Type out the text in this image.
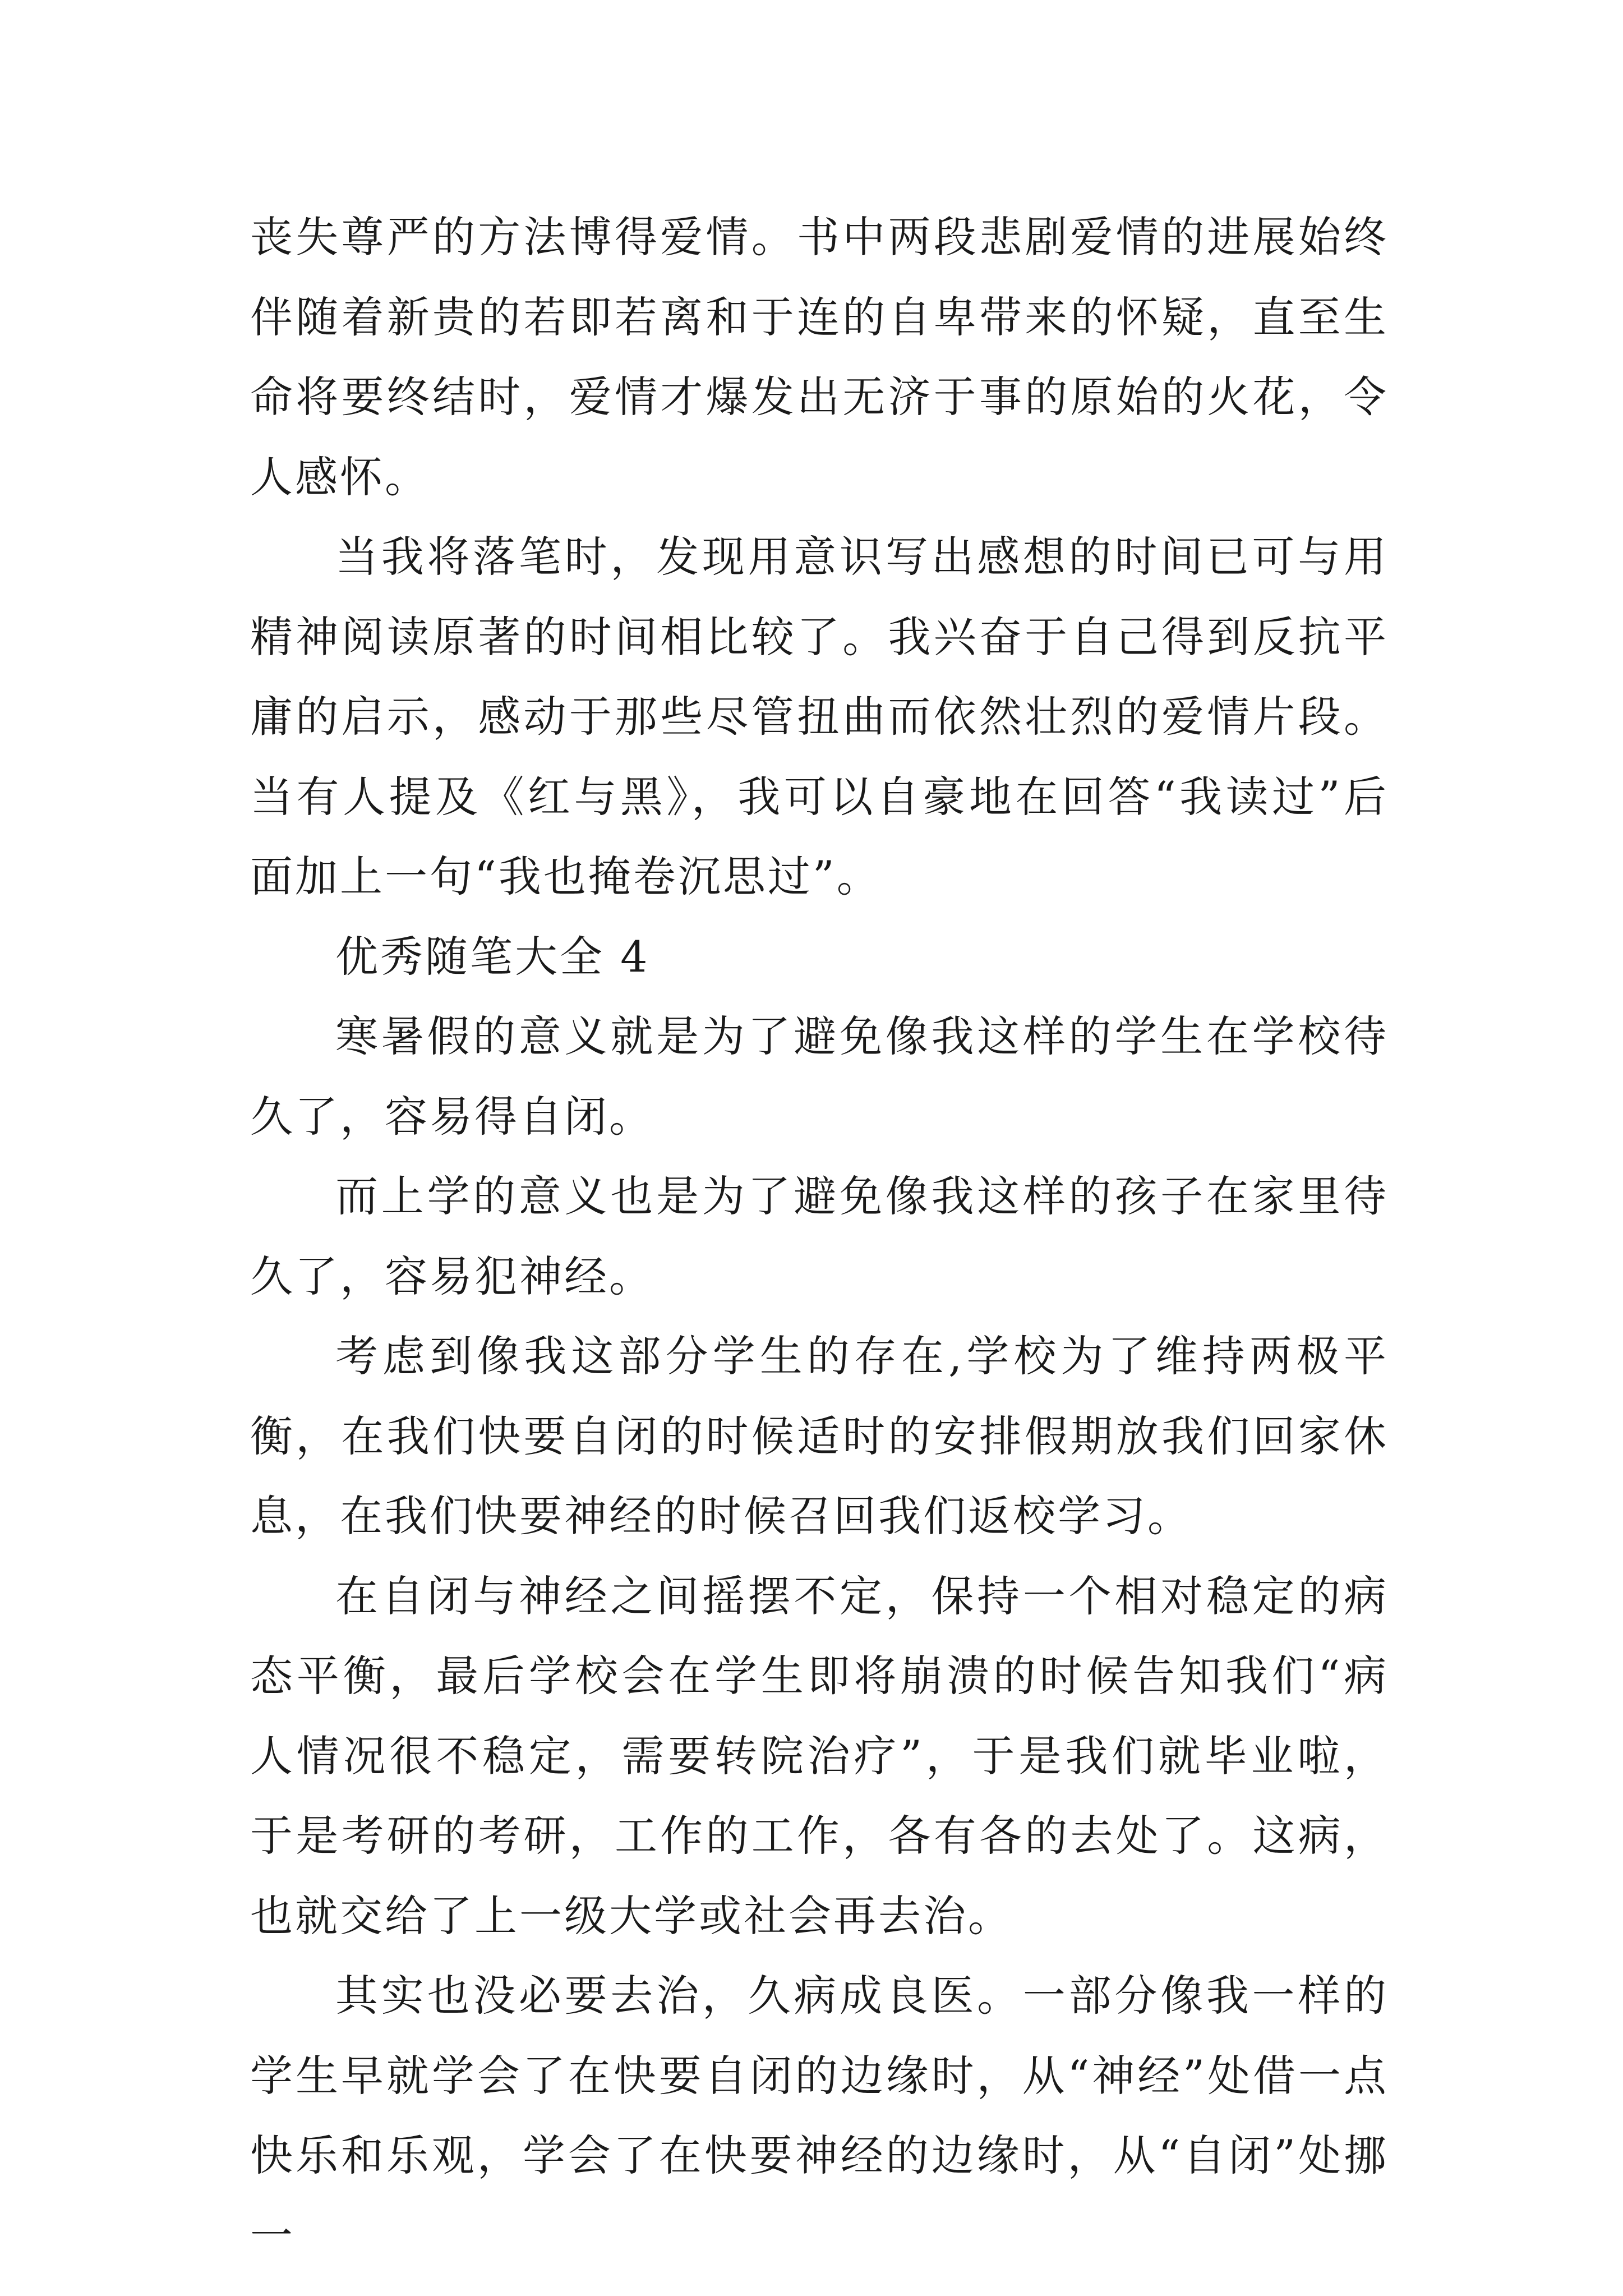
丧失尊严的方法博得爱情。书中两段悲剧爱情的进展始终伴随着新贵的若即若离和于连的自卑带来的怀疑，直至生命将要终结时，爱情才爆发出无济于事的原始的火花，令人感怀。

当我将落笔时，发现用意识写出感想的时间已可与用精神阅读原著的时间相比较了。我兴奋于自己得到反抗平庸的启示，感动于那些尽管扭曲而依然壮烈的爱情片段。当有人提及《红与黑》，我可以自豪地在回答“我读过”后面加上一句“我也掩卷沉思过”。

优秀随笔大全 4

寒暑假的意义就是为了避免像我这样的学生在学校待久了，容易得自闭。

而上学的意义也是为了避免像我这样的孩子在家里待久了，容易犯神经。

考虑到像我这部分学生的存在,学校为了维持两极平衡，在我们快要自闭的时候适时的安排假期放我们回家休息，在我们快要神经的时候召回我们返校学习。

在自闭与神经之间摇摆不定，保持一个相对稳定的病态平衡，最后学校会在学生即将崩溃的时候告知我们“病人情况很不稳定，需要转院治疗”，于是我们就毕业啦，于是考研的考研，工作的工作，各有各的去处了。这病，也就交给了上一级大学或社会再去治。

其实也没必要去治，久病成良医。一部分像我一样的学生早就学会了在快要自闭的边缘时，从“神经”处借一点快乐和乐观，学会了在快要神经的边缘时，从“自闭”处挪一
